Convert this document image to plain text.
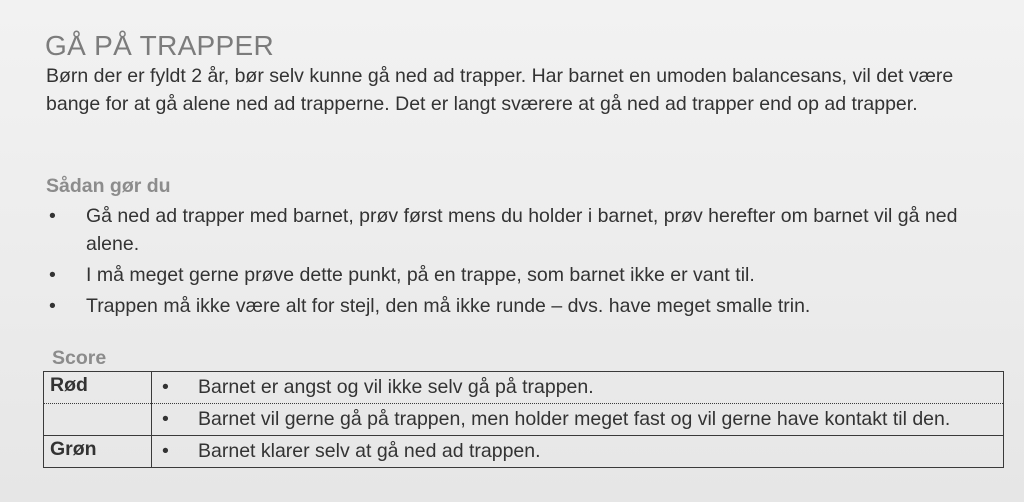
GÅ PÅ TRAPPER

Børn der er fyldt 2 år, bør selv kunne gå ned ad trapper. Har barnet en umoden balancesans, vil det være bange for at gå alene ned ad trapperne. Det er langt sværere at gå ned ad trapper end op ad trapper.

Sådan gør du
• Gå ned ad trapper med barnet, prøv først mens du holder i barnet, prøv herefter om barnet vil gå ned alene.
• I må meget gerne prøve dette punkt, på en trappe, som barnet ikke er vant til.
• Trappen må ikke være alt for stejl, den må ikke runde – dvs. have meget smalle trin.
Score
Rød	• Barnet er angst og vil ikke selv gå på trappen.

	• Barnet vil gerne gå på trappen, men holder meget fast og vil gerne have kontakt til den.
Grøn	• Barnet klarer selv at gå ned ad trappen.
